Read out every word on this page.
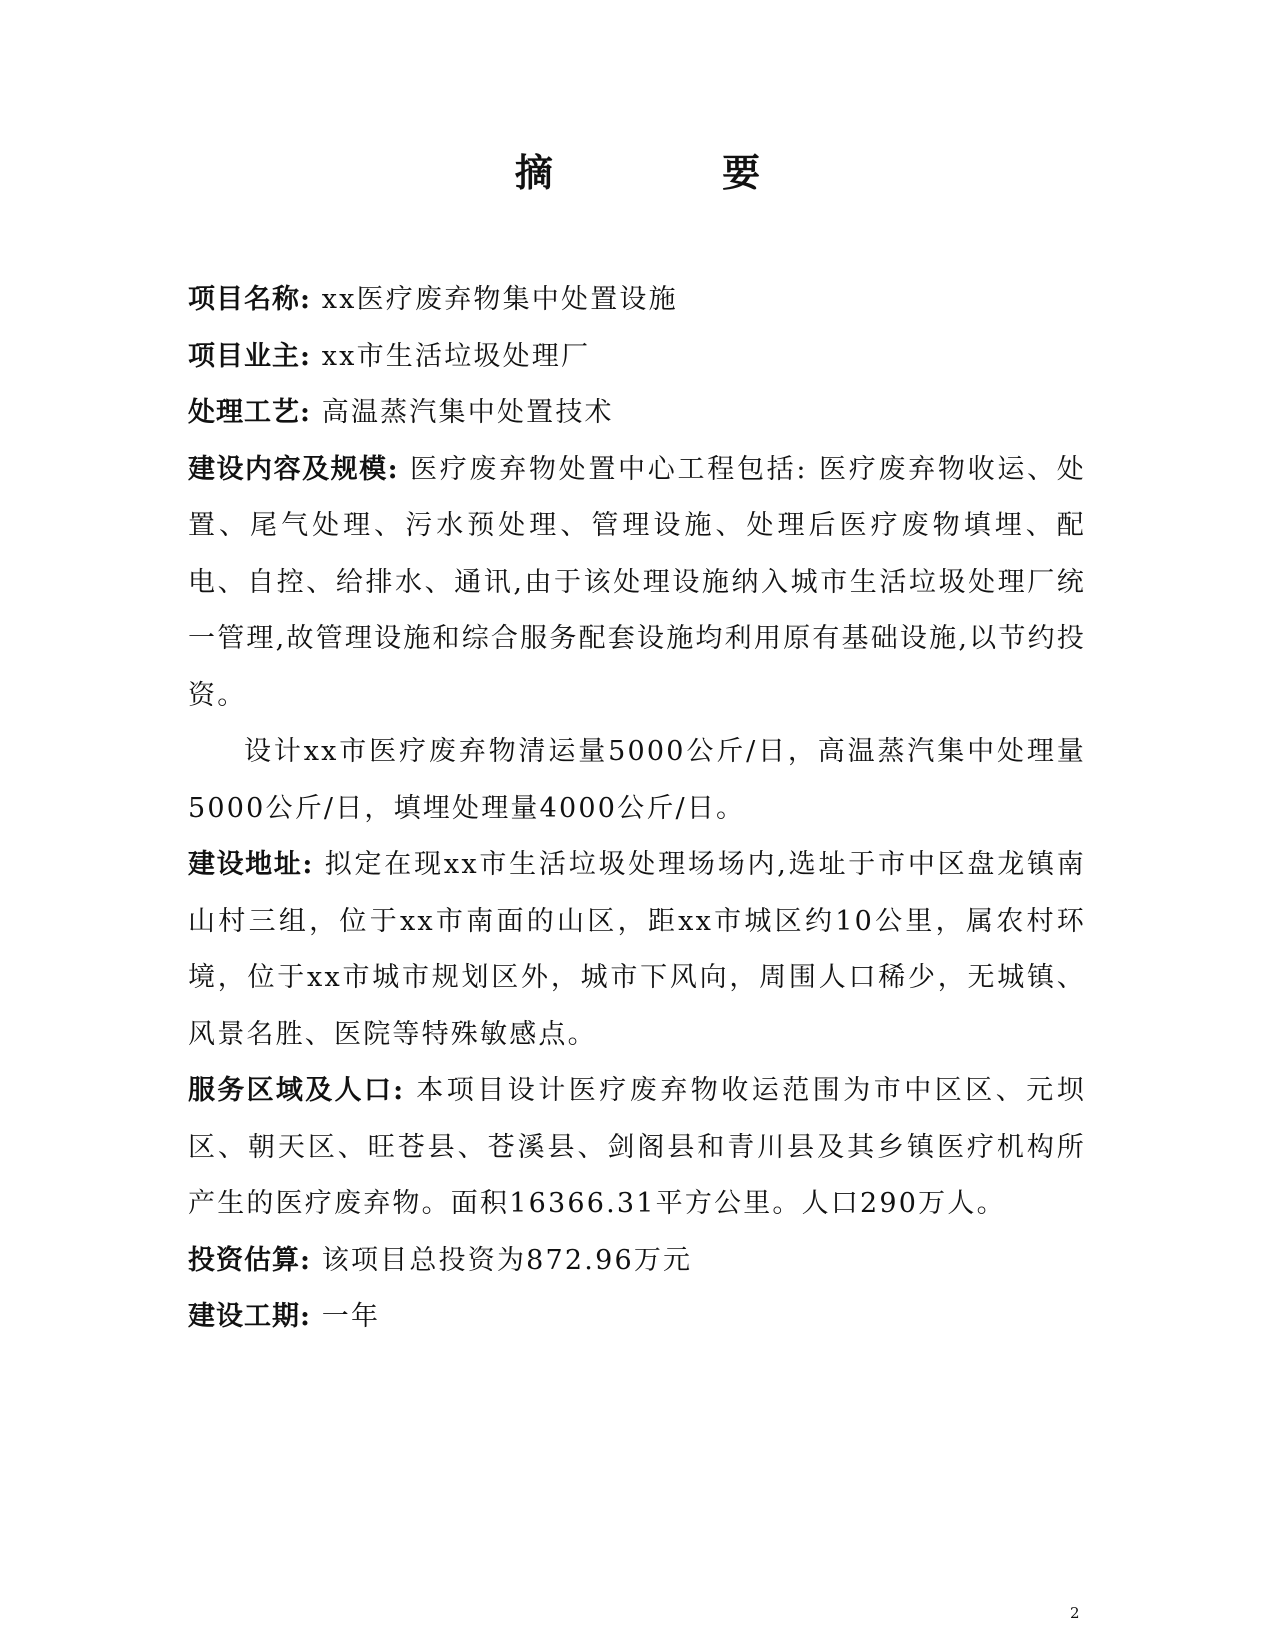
摘 要

项目名称: xx医疗废弃物集中处置设施

项目业主: xx市生活垃圾处理厂

处理工艺: 高温蒸汽集中处置技术

建设内容及规模: 医疗废弃物处置中心工程包括: 医疗废弃物收运、处置、尾气处理、污水预处理、管理设施、处理后医疗废物填埋、配电、自控、给排水、通讯,由于该处理设施纳入城市生活垃圾处理厂统一管理,故管理设施和综合服务配套设施均利用原有基础设施,以节约投资。

设计xx市医疗废弃物清运量5000公斤/日，高温蒸汽集中处理量5000公斤/日，填埋处理量4000公斤/日。

建设地址: 拟定在现xx市生活垃圾处理场场内,选址于市中区盘龙镇南山村三组，位于xx市南面的山区，距xx市城区约10公里，属农村环境，位于xx市城市规划区外，城市下风向，周围人口稀少，无城镇、风景名胜、医院等特殊敏感点。

服务区域及人口: 本项目设计医疗废弃物收运范围为市中区区、元坝区、朝天区、旺苍县、苍溪县、剑阁县和青川县及其乡镇医疗机构所产生的医疗废弃物。面积16366.31平方公里。人口290万人。

投资估算: 该项目总投资为872.96万元

建设工期: 一年

2
